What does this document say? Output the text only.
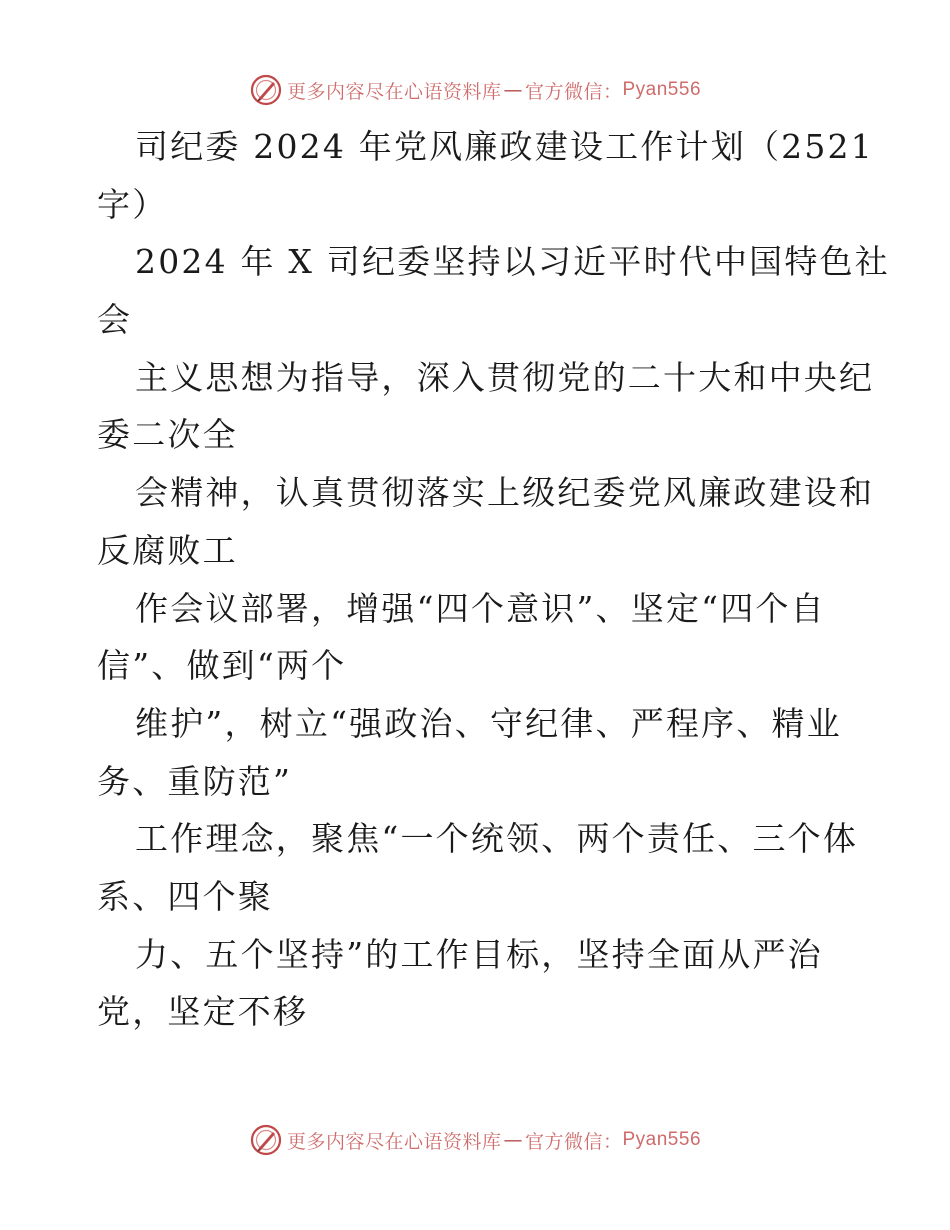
更多内容尽在心语资料库 — 官方微信： Pyan556
司纪委 2024 年党风廉政建设工作计划（2521
字）
2024 年 X 司纪委坚持以习近平时代中国特色社
会
主义思想为指导，深入贯彻党的二十大和中央纪
委二次全
会精神，认真贯彻落实上级纪委党风廉政建设和
反腐败工
作会议部署，增强“四个意识”、坚定“四个自
信”、做到“两个
维护”，树立“强政治、守纪律、严程序、精业
务、重防范”
工作理念，聚焦“一个统领、两个责任、三个体
系、四个聚
力、五个坚持”的工作目标，坚持全面从严治
党，坚定不移
更多内容尽在心语资料库 — 官方微信： Pyan556
